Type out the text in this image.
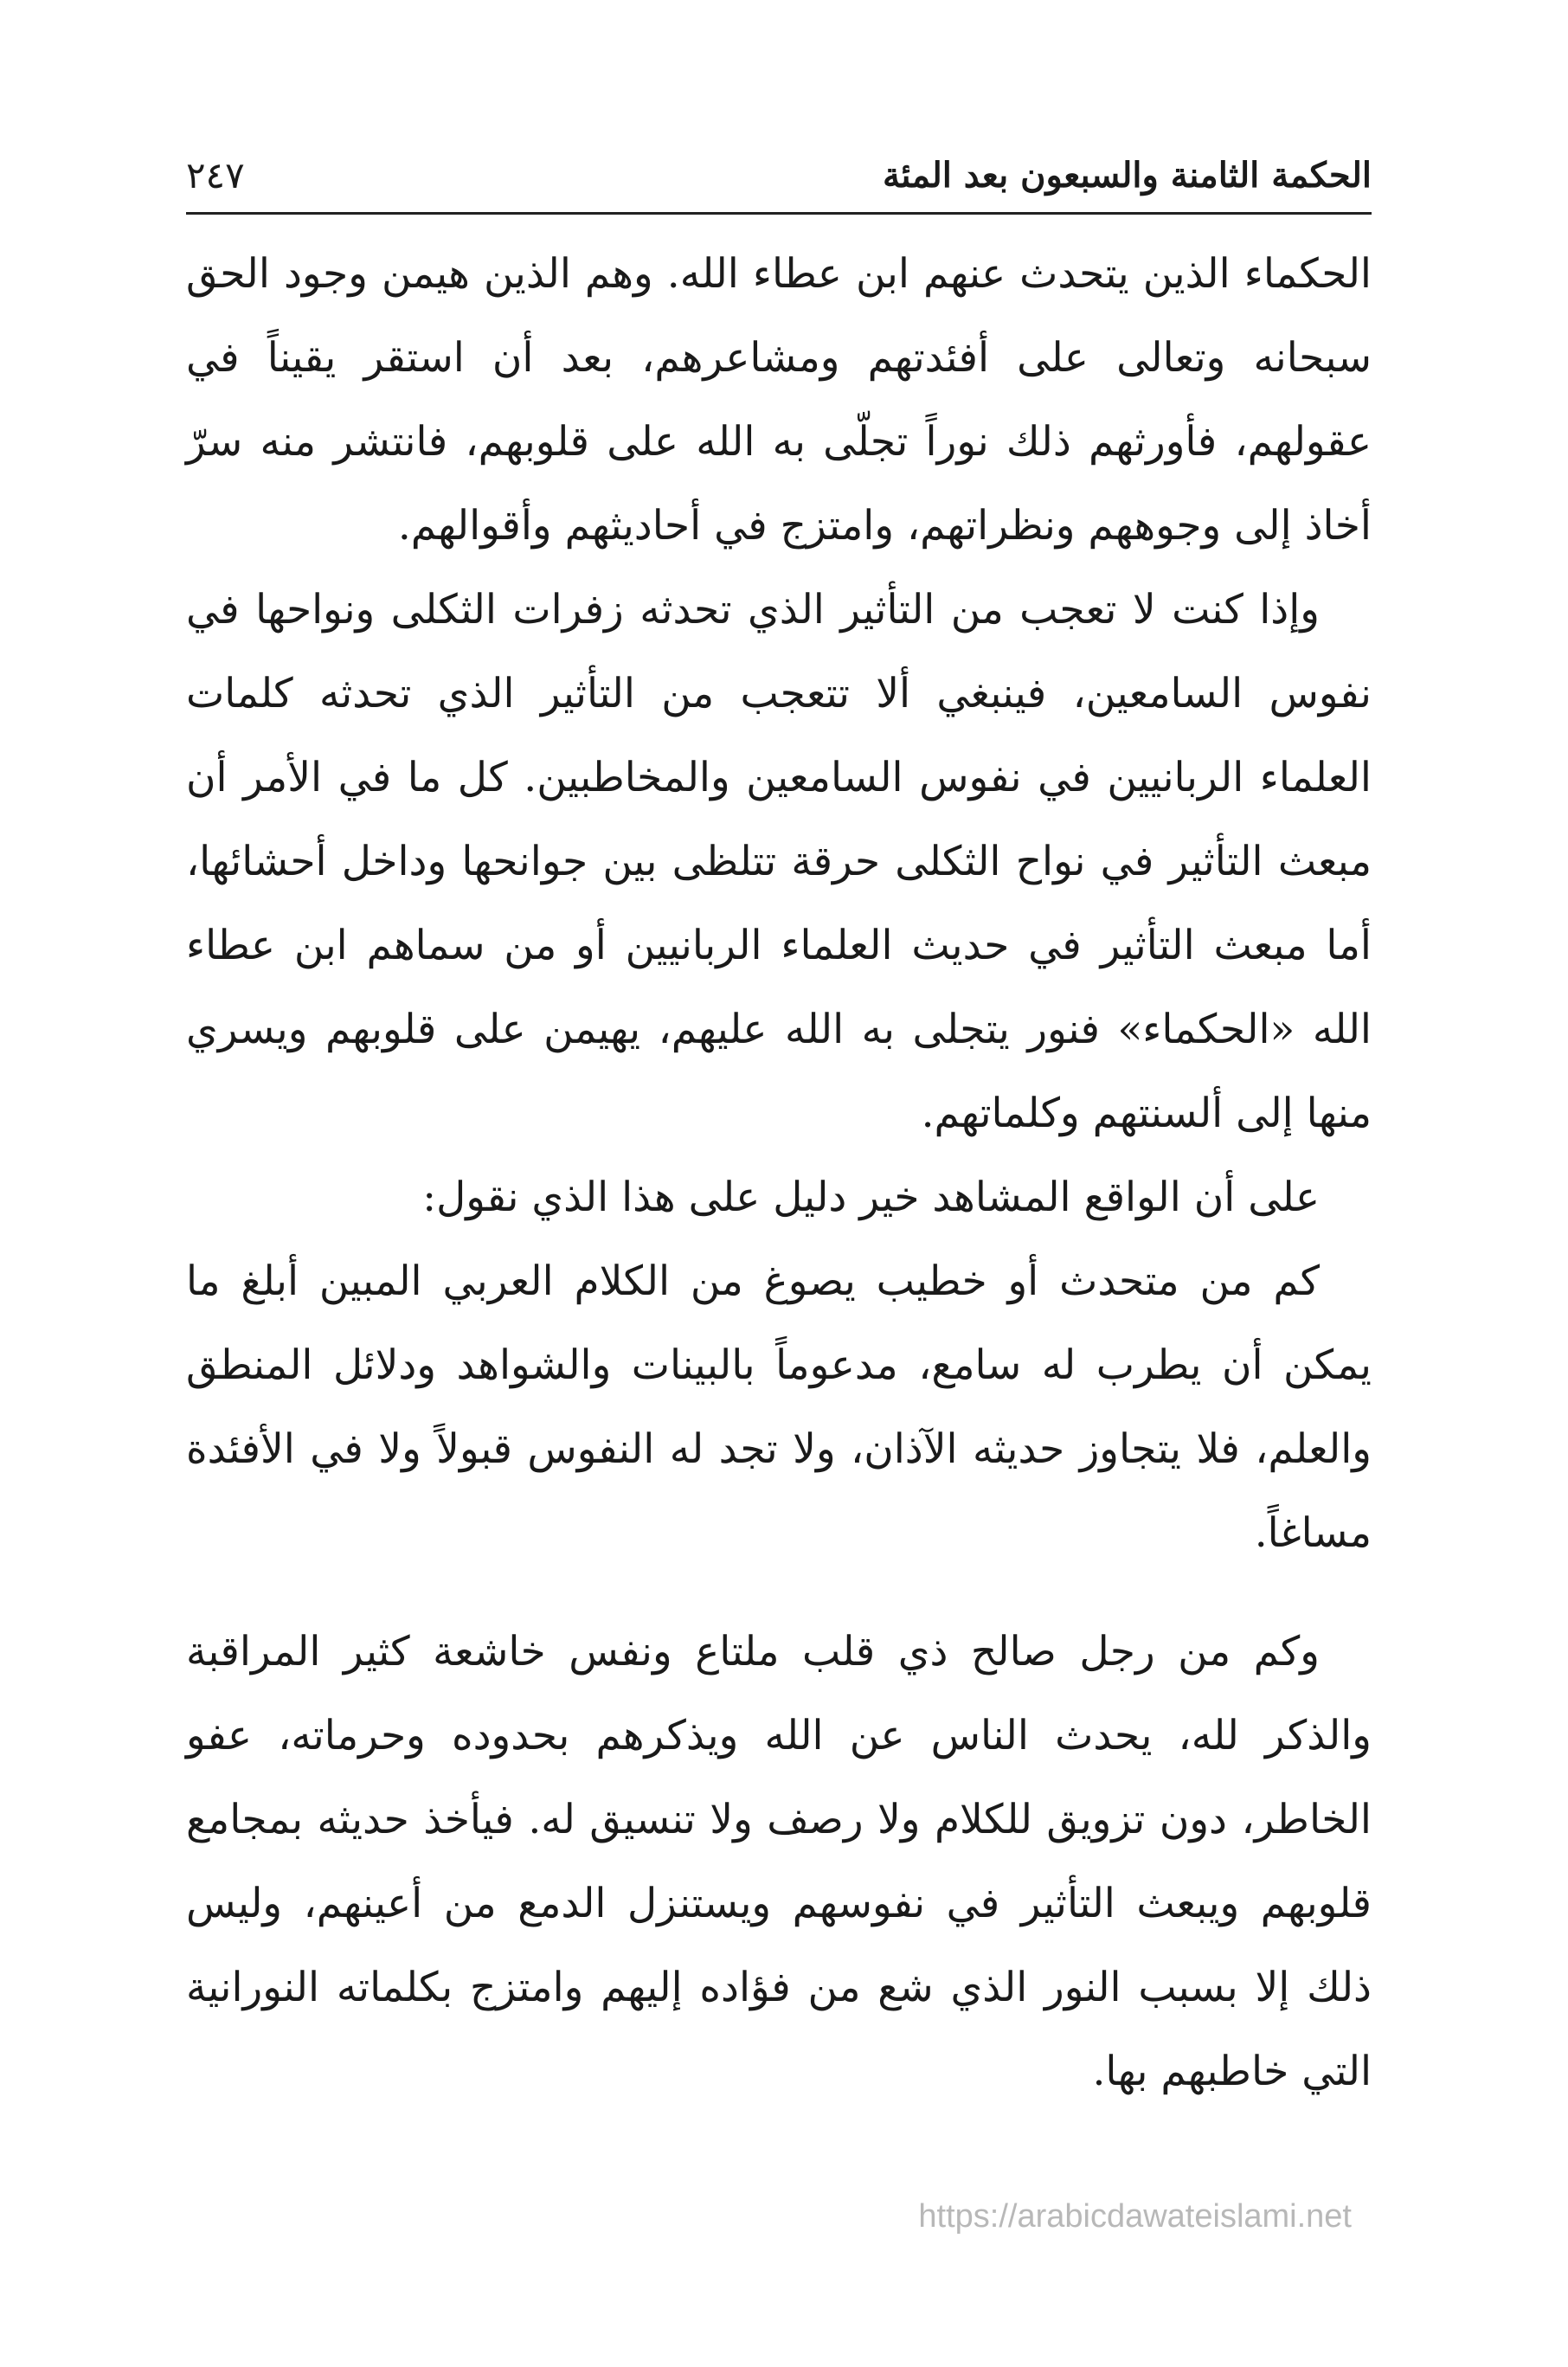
الحكمة الثامنة والسبعون بعد المئة
٢٤٧

الحكماء الذين يتحدث عنهم ابن عطاء الله. وهم الذين هيمن وجود الحق سبحانه وتعالى على أفئدتهم ومشاعرهم، بعد أن استقر يقيناً في عقولهم، فأورثهم ذلك نوراً تجلّى به الله على قلوبهم، فانتشر منه سرّ أخاذ إلى وجوههم ونظراتهم، وامتزج في أحاديثهم وأقوالهم.

وإذا كنت لا تعجب من التأثير الذي تحدثه زفرات الثكلى ونواحها في نفوس السامعين، فينبغي ألا تتعجب من التأثير الذي تحدثه كلمات العلماء الربانيين في نفوس السامعين والمخاطبين. كل ما في الأمر أن مبعث التأثير في نواح الثكلى حرقة تتلظى بين جوانحها وداخل أحشائها، أما مبعث التأثير في حديث العلماء الربانيين أو من سماهم ابن عطاء الله «الحكماء» فنور يتجلى به الله عليهم، يهيمن على قلوبهم ويسري منها إلى ألسنتهم وكلماتهم.

على أن الواقع المشاهد خير دليل على هذا الذي نقول:

كم من متحدث أو خطيب يصوغ من الكلام العربي المبين أبلغ ما يمكن أن يطرب له سامع، مدعوماً بالبينات والشواهد ودلائل المنطق والعلم، فلا يتجاوز حديثه الآذان، ولا تجد له النفوس قبولاً ولا في الأفئدة مساغاً.

وكم من رجل صالح ذي قلب ملتاع ونفس خاشعة كثير المراقبة والذكر لله، يحدث الناس عن الله ويذكرهم بحدوده وحرماته، عفو الخاطر، دون تزويق للكلام ولا رصف ولا تنسيق له. فيأخذ حديثه بمجامع قلوبهم ويبعث التأثير في نفوسهم ويستنزل الدمع من أعينهم، وليس ذلك إلا بسبب النور الذي شع من فؤاده إليهم وامتزج بكلماته النورانية التي خاطبهم بها.

https://arabicdawateislami.net
